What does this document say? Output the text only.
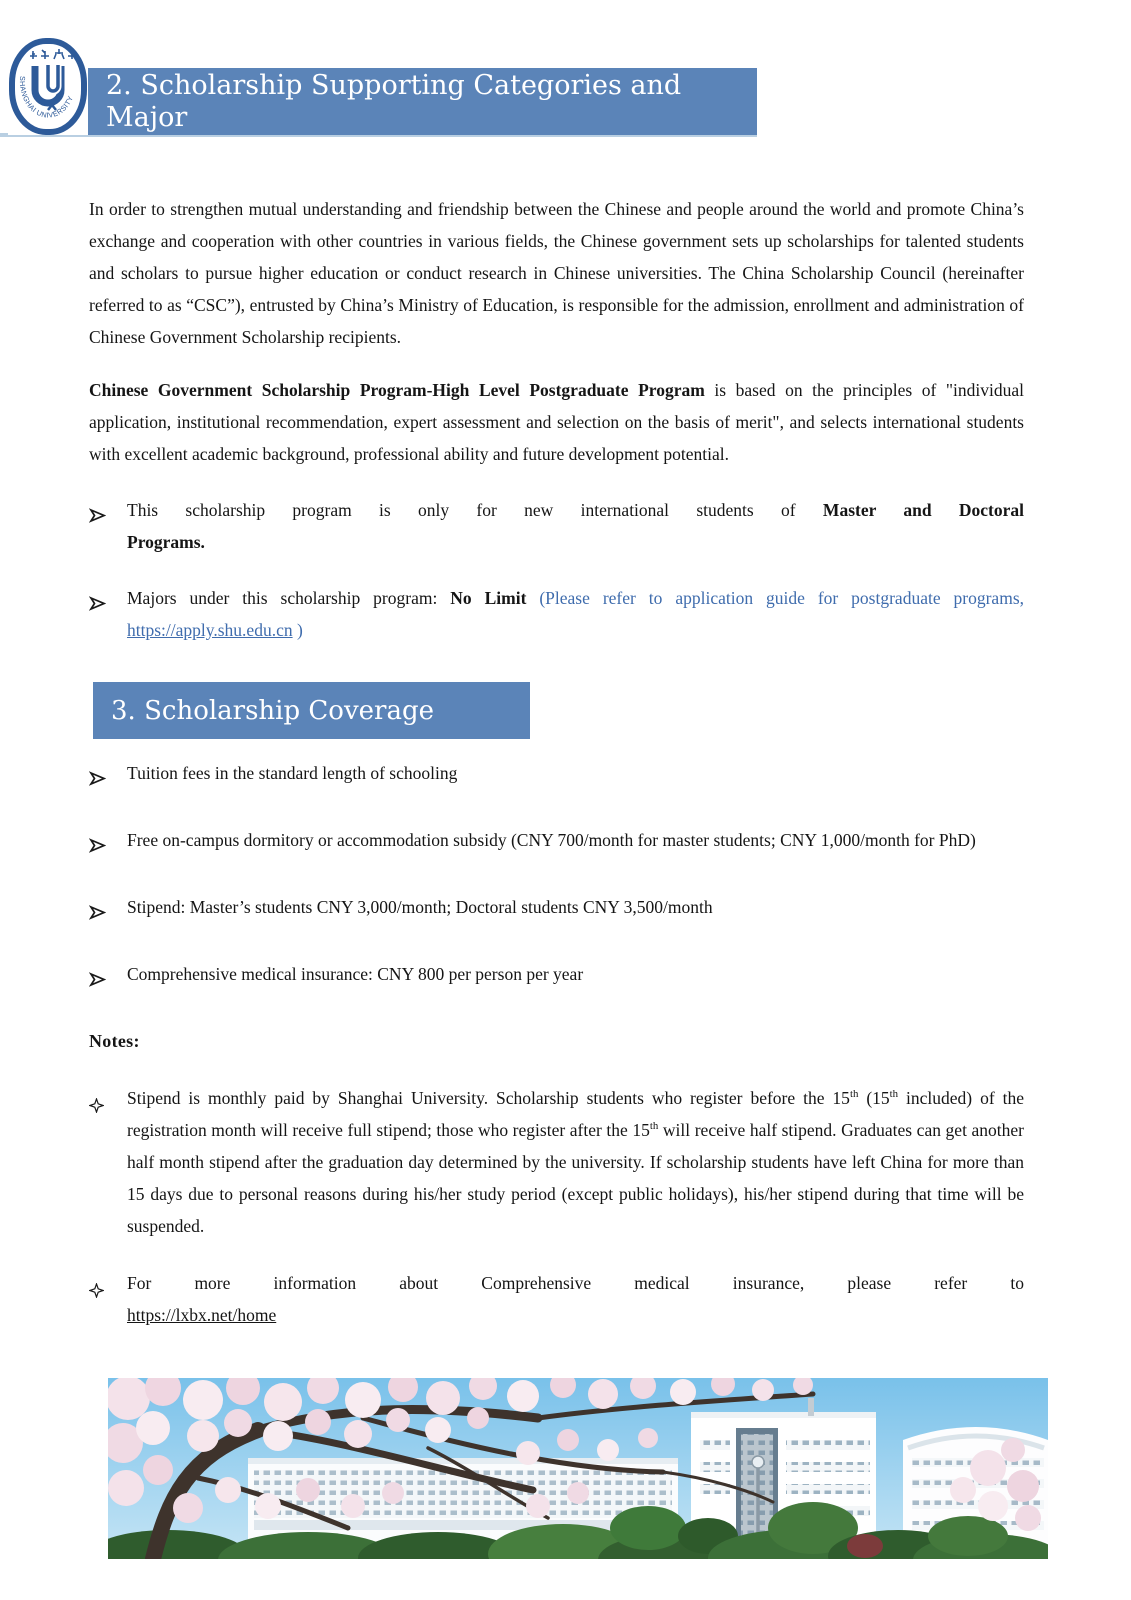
SHANGHAI UNIVERSITY 2. Scholarship Supporting Categories and Major

In order to strengthen mutual understanding and friendship between the Chinese and people around the world and promote China’s exchange and cooperation with other countries in various fields, the Chinese government sets up scholarships for talented students and scholars to pursue higher education or conduct research in Chinese universities. The China Scholarship Council (hereinafter referred to as “CSC”), entrusted by China’s Ministry of Education, is responsible for the admission, enrollment and administration of Chinese Government Scholarship recipients.

Chinese Government Scholarship Program-High Level Postgraduate Program is based on the principles of "individual application, institutional recommendation, expert assessment and selection on the basis of merit", and selects international students with excellent academic background, professional ability and future development potential.

This scholarship program is only for new international students of Master and Doctoral
Programs.
Majors under this scholarship program: No Limit (Please refer to application guide for postgraduate programs, https://apply.shu.edu.cn )
3. Scholarship Coverage
Tuition fees in the standard length of schooling
Free on-campus dormitory or accommodation subsidy (CNY 700/month for master students; CNY 1,000/month for PhD)
Stipend: Master’s students CNY 3,000/month; Doctoral students CNY 3,500/month
Comprehensive medical insurance: CNY 800 per person per year

Notes:

Stipend is monthly paid by Shanghai University. Scholarship students who register before the 15th (15th included) of the registration month will receive full stipend; those who register after the 15th will receive half stipend. Graduates can get another half month stipend after the graduation day determined by the university. If scholarship students have left China for more than 15 days due to personal reasons during his/her study period (except public holidays), his/her stipend during that time will be suspended.
For more information about Comprehensive medical insurance, please refer to
https://lxbx.net/home
